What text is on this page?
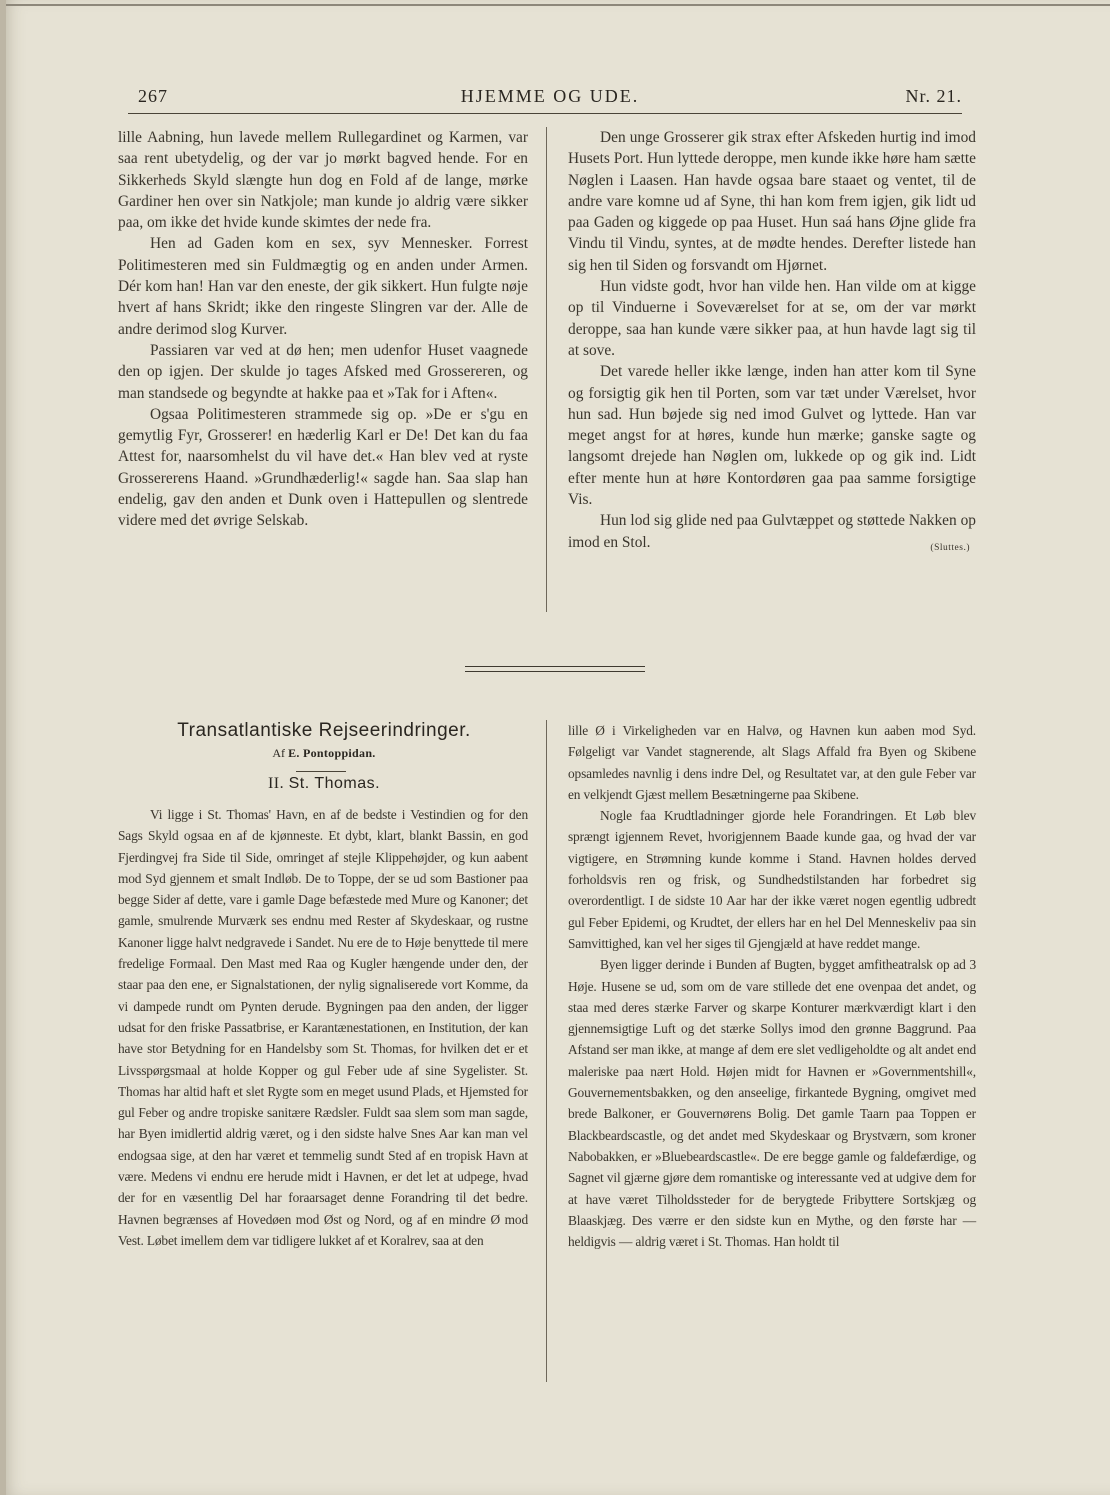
267	HJEMME OG UDE.	Nr. 21.

lille Aabning, hun lavede mellem Rullegardinet og Karmen, var saa rent ubetydelig, og der var jo mørkt bagved hende. For en Sikkerheds Skyld slængte hun dog en Fold af de lange, mørke Gardiner hen over sin Natkjole; man kunde jo aldrig være sikker paa, om ikke det hvide kunde skimtes der nede fra.

Hen ad Gaden kom en sex, syv Mennesker. Forrest Politimesteren med sin Fuldmægtig og en anden under Armen. Dér kom han! Han var den eneste, der gik sikkert. Hun fulgte nøje hvert af hans Skridt; ikke den ringeste Slingren var der. Alle de andre derimod slog Kurver.

Passiaren var ved at dø hen; men udenfor Huset vaagnede den op igjen. Der skulde jo tages Afsked med Grossereren, og man standsede og begyndte at hakke paa et »Tak for i Aften«.

Ogsaa Politimesteren strammede sig op. »De er s'gu en gemytlig Fyr, Grosserer! en hæderlig Karl er De! Det kan du faa Attest for, naarsomhelst du vil have det.« Han blev ved at ryste Grossererens Haand. »Grundhæderlig!« sagde han. Saa slap han endelig, gav den anden et Dunk oven i Hattepullen og slentrede videre med det øvrige Selskab.

Den unge Grosserer gik strax efter Afskeden hurtig ind imod Husets Port. Hun lyttede deroppe, men kunde ikke høre ham sætte Nøglen i Laasen. Han havde ogsaa bare staaet og ventet, til de andre vare komne ud af Syne, thi han kom frem igjen, gik lidt ud paa Gaden og kiggede op paa Huset. Hun saá hans Øjne glide fra Vindu til Vindu, syntes, at de mødte hendes. Derefter listede han sig hen til Siden og forsvandt om Hjørnet.

Hun vidste godt, hvor han vilde hen. Han vilde om at kigge op til Vinduerne i Soveværelset for at se, om der var mørkt deroppe, saa han kunde være sikker paa, at hun havde lagt sig til at sove.

Det varede heller ikke længe, inden han atter kom til Syne og forsigtig gik hen til Porten, som var tæt under Værelset, hvor hun sad. Hun bøjede sig ned imod Gulvet og lyttede. Han var meget angst for at høres, kunde hun mærke; ganske sagte og langsomt drejede han Nøglen om, lukkede op og gik ind. Lidt efter mente hun at høre Kontordøren gaa paa samme forsigtige Vis.

Hun lod sig glide ned paa Gulvtæppet og støttede Nakken op imod en Stol.	(Sluttes.)

Transatlantiske Rejseerindringer.
Af E. Pontoppidan.
II. St. Thomas.

Vi ligge i St. Thomas' Havn, en af de bedste i Vestindien og for den Sags Skyld ogsaa en af de kjønneste. Et dybt, klart, blankt Bassin, en god Fjerdingvej fra Side til Side, omringet af stejle Klippehøjder, og kun aabent mod Syd gjennem et smalt Indløb. De to Toppe, der se ud som Bastioner paa begge Sider af dette, vare i gamle Dage befæstede med Mure og Kanoner; det gamle, smulrende Murværk ses endnu med Rester af Skydeskaar, og rustne Kanoner ligge halvt nedgravede i Sandet. Nu ere de to Høje benyttede til mere fredelige Formaal. Den Mast med Raa og Kugler hængende under den, der staar paa den ene, er Signalstationen, der nylig signaliserede vort Komme, da vi dampede rundt om Pynten derude. Bygningen paa den anden, der ligger udsat for den friske Passatbrise, er Karantænestationen, en Institution, der kan have stor Betydning for en Handelsby som St. Thomas, for hvilken det er et Livsspørgsmaal at holde Kopper og gul Feber ude af sine Sygelister. St. Thomas har altid haft et slet Rygte som en meget usund Plads, et Hjemsted for gul Feber og andre tropiske sanitære Rædsler. Fuldt saa slem som man sagde, har Byen imidlertid aldrig været, og i den sidste halve Snes Aar kan man vel endogsaa sige, at den har været et temmelig sundt Sted af en tropisk Havn at være. Medens vi endnu ere herude midt i Havnen, er det let at udpege, hvad der for en væsentlig Del har foraarsaget denne Forandring til det bedre. Havnen begrænses af Hovedøen mod Øst og Nord, og af en mindre Ø mod Vest. Løbet imellem dem var tidligere lukket af et Koralrev, saa at den

lille Ø i Virkeligheden var en Halvø, og Havnen kun aaben mod Syd. Følgeligt var Vandet stagnerende, alt Slags Affald fra Byen og Skibene opsamledes navnlig i dens indre Del, og Resultatet var, at den gule Feber var en velkjendt Gjæst mellem Besætningerne paa Skibene.

Nogle faa Krudtladninger gjorde hele Forandringen. Et Løb blev sprængt igjennem Revet, hvorigjennem Baade kunde gaa, og hvad der var vigtigere, en Strømning kunde komme i Stand. Havnen holdes derved forholdsvis ren og frisk, og Sundhedstilstanden har forbedret sig overordentligt. I de sidste 10 Aar har der ikke været nogen egentlig udbredt gul Feber Epidemi, og Krudtet, der ellers har en hel Del Menneskeliv paa sin Samvittighed, kan vel her siges til Gjengjæld at have reddet mange.

Byen ligger derinde i Bunden af Bugten, bygget amfitheatralsk op ad 3 Høje. Husene se ud, som om de vare stillede det ene ovenpaa det andet, og staa med deres stærke Farver og skarpe Konturer mærkværdigt klart i den gjennemsigtige Luft og det stærke Sollys imod den grønne Baggrund. Paa Afstand ser man ikke, at mange af dem ere slet vedligeholdte og alt andet end maleriske paa nært Hold. Højen midt for Havnen er »Governmentshill«, Gouvernementsbakken, og den anseelige, firkantede Bygning, omgivet med brede Balkoner, er Gouvernørens Bolig. Det gamle Taarn paa Toppen er Blackbeardscastle, og det andet med Skydeskaar og Brystværn, som kroner Nabobakken, er »Bluebeardscastle«. De ere begge gamle og faldefærdige, og Sagnet vil gjærne gjøre dem romantiske og interessante ved at udgive dem for at have været Tilholdssteder for de berygtede Fribyttere Sortskjæg og Blaaskjæg. Des værre er den sidste kun en Mythe, og den første har — heldigvis — aldrig været i St. Thomas. Han holdt til
